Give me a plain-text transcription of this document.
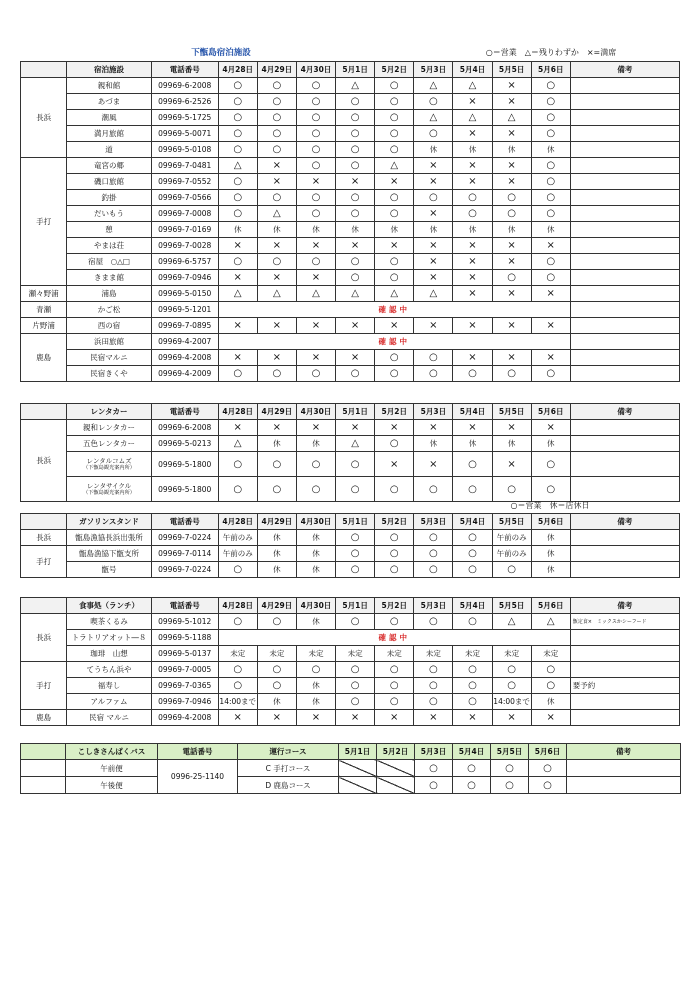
下甑島宿泊施設	○＝営業　△＝残りわずか　×=満席
	宿泊施設	電話番号	4月28日	4月29日	4月30日	5月1日	5月2日	5月3日	5月4日	5月5日	5月6日	備考
長浜	親和館	09969-6-2008	○	○	○	△	○	△	△	×	○	
	あづま	09969-6-2526	○	○	○	○	○	○	×	×	○	
	潮風	09969-5-1725	○	○	○	○	○	△	△	△	○	
	満月旅館	09969-5-0071	○	○	○	○	○	○	×	×	○	
	道	09969-5-0108	○	○	○	○	○	休	休	休	休	
手打	竜宮の郷	09969-7-0481	△	×	○	○	△	×	×	×	○	
	磯口旅館	09969-7-0552	○	×	×	×	×	×	×	×	○	
	釣掛	09969-7-0566	○	○	○	○	○	○	○	○	○	
	だいもう	09969-7-0008	○	△	○	○	○	×	○	○	○	
	憩	09969-7-0169	休	休	休	休	休	休	休	休	休	
	やまは荘	09969-7-0028	×	×	×	×	×	×	×	×	×	
	宿屋　○△□	09969-6-5757	○	○	○	○	○	×	×	×	○	
	きまま館	09969-7-0946	×	×	×	○	○	×	×	○	○	
瀬々野浦	浦島	09969-5-0150	△	△	△	△	△	△	×	×	×	
青瀬	かご松	09969-5-1201	確認中									
片野浦	西の宿	09969-7-0895	×	×	×	×	×	×	×	×	×	
鹿島	浜田旅館	09969-4-2007	確認中									
	民宿マルニ	09969-4-2008	×	×	×	×	○	○	×	×	×	
	民宿きくや	09969-4-2009	○	○	○	○	○	○	○	○	○	
	レンタカー	電話番号	4月28日	4月29日	4月30日	5月1日	5月2日	5月3日	5月4日	5月5日	5月6日	備考
長浜	親和レンタカー	09969-6-2008	×	×	×	×	×	×	×	×	×	
	五色レンタカー	09969-5-0213	△	休	休	△	○	休	休	休	休	

	レンタルコムズ
（下甑島観光案内所）	09969-5-1800	○	○	○	○	×	×	○	×	○	

	レンタサイクル
（下甑島観光案内所）	09969-5-1800	○	○	○	○	○	○	○	○	○	
○＝営業　休＝店休日
	ガソリンスタンド	電話番号	4月28日	4月29日	4月30日	5月1日	5月2日	5月3日	5月4日	5月5日	5月6日	備考
長浜	甑島漁協長浜出張所	09969-7-0224	午前のみ	休	休	○	○	○	○	午前のみ	休	
手打	甑島漁協下甑支所	09969-7-0114	午前のみ	休	休	○	○	○	○	午前のみ	休	
	甑号	09969-7-0224	○	休	休	○	○	○	○	○	休	
	食事処（ランチ）	電話番号	4月28日	4月29日	4月30日	5月1日	5月2日	5月3日	5月4日	5月5日	5月6日	備考
長浜	喫茶くるみ	09969-5-1012	○	○	休	○	○	○	○	△	△	甑定食×　ミックスかシーフード
	トラトリアオット―８	09969-5-1188	確認中									
	珈琲　山想	09969-5-0137	未定	未定	未定	未定	未定	未定	未定	未定	未定	
手打	てうちん浜や	09969-7-0005	○	○	○	○	○	○	○	○	○	
	福寿し	09969-7-0365	○	○	休	○	○	○	○	○	○	要予約
	アルファム	09969-7-0946	14:00まで	休	休	○	○	○	○	14:00まで	休	
鹿島	民宿 マルニ	09969-4-2008	×	×	×	×	×	×	×	×	×	
	こしきさんぱくバス	電話番号	運行コース	5月1日	5月2日	5月3日	5月4日	5月5日	5月6日	備考
	午前便	0996-25-1140	C 手打コース			○	○	○	○	
	午後便		D 鹿島コース			○	○	○	○	
